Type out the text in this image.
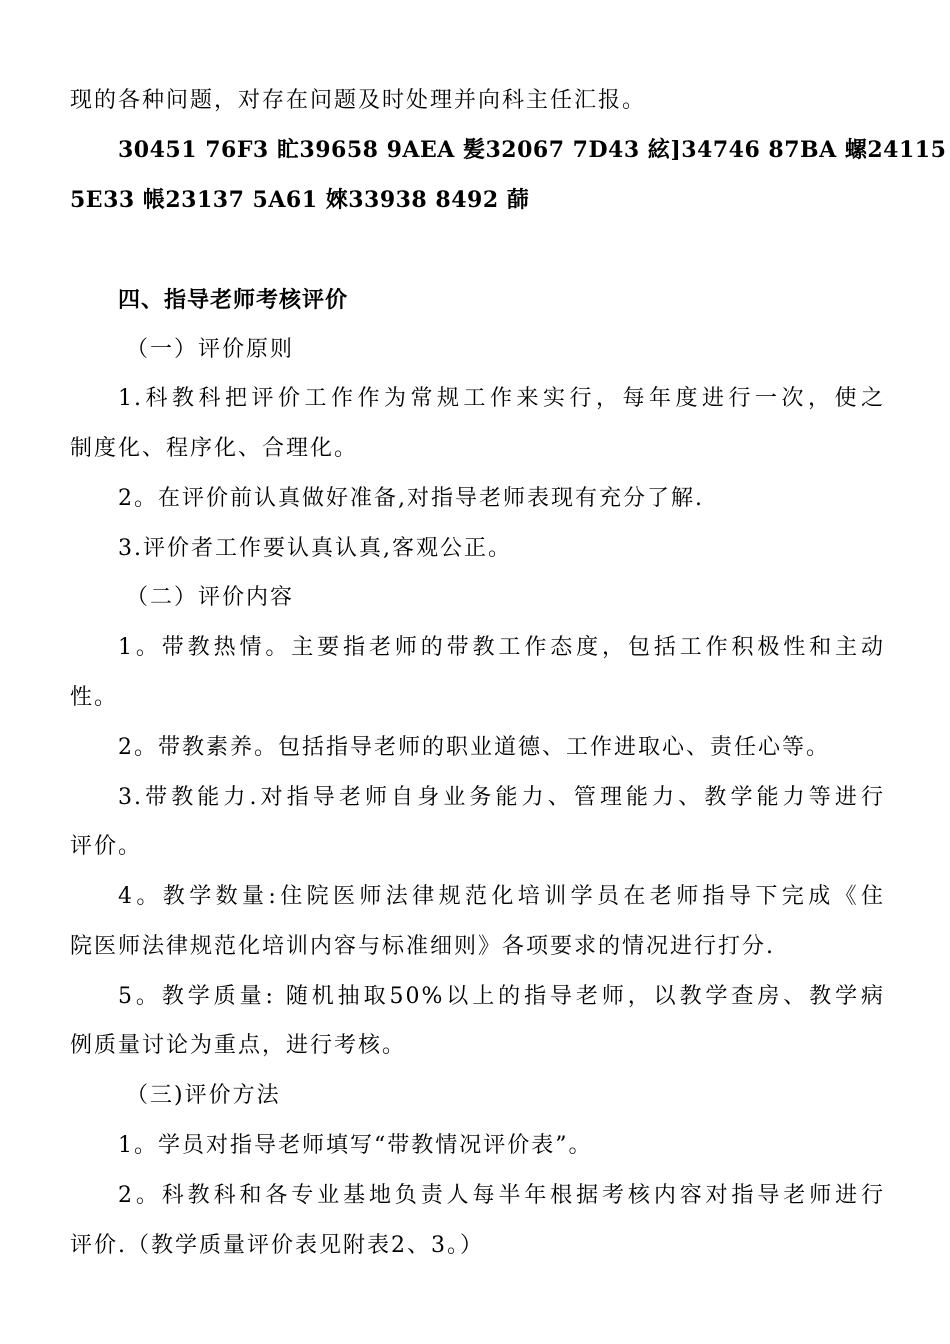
现的各种问题，对存在问题及时处理并向科主任汇报。
30451 76F3 盳39658 9AEA 髪32067 7D43 絃]34746 87BA 螺24115
5E33 帳23137 5A61 婡33938 8492 蒒
四、指导老师考核评价
（一）评价原则
1.科教科把评价工作作为常规工作来实行，每年度进行一次，使之
制度化、程序化、合理化。
2。在评价前认真做好准备,对指导老师表现有充分了解.
3.评价者工作要认真认真,客观公正。
（二）评价内容
1。带教热情。主要指老师的带教工作态度，包括工作积极性和主动
性。
2。带教素养。包括指导老师的职业道德、工作进取心、责任心等。
3.带教能力.对指导老师自身业务能力、管理能力、教学能力等进行
评价。
4。教学数量:住院医师法律规范化培训学员在老师指导下完成《住
院医师法律规范化培训内容与标准细则》各项要求的情况进行打分.
5。教学质量: 随机抽取50%以上的指导老师，以教学查房、教学病
例质量讨论为重点，进行考核。
（三)评价方法
1。学员对指导老师填写“带教情况评价表”。
2。科教科和各专业基地负责人每半年根据考核内容对指导老师进行
评价.（教学质量评价表见附表2、3。）
